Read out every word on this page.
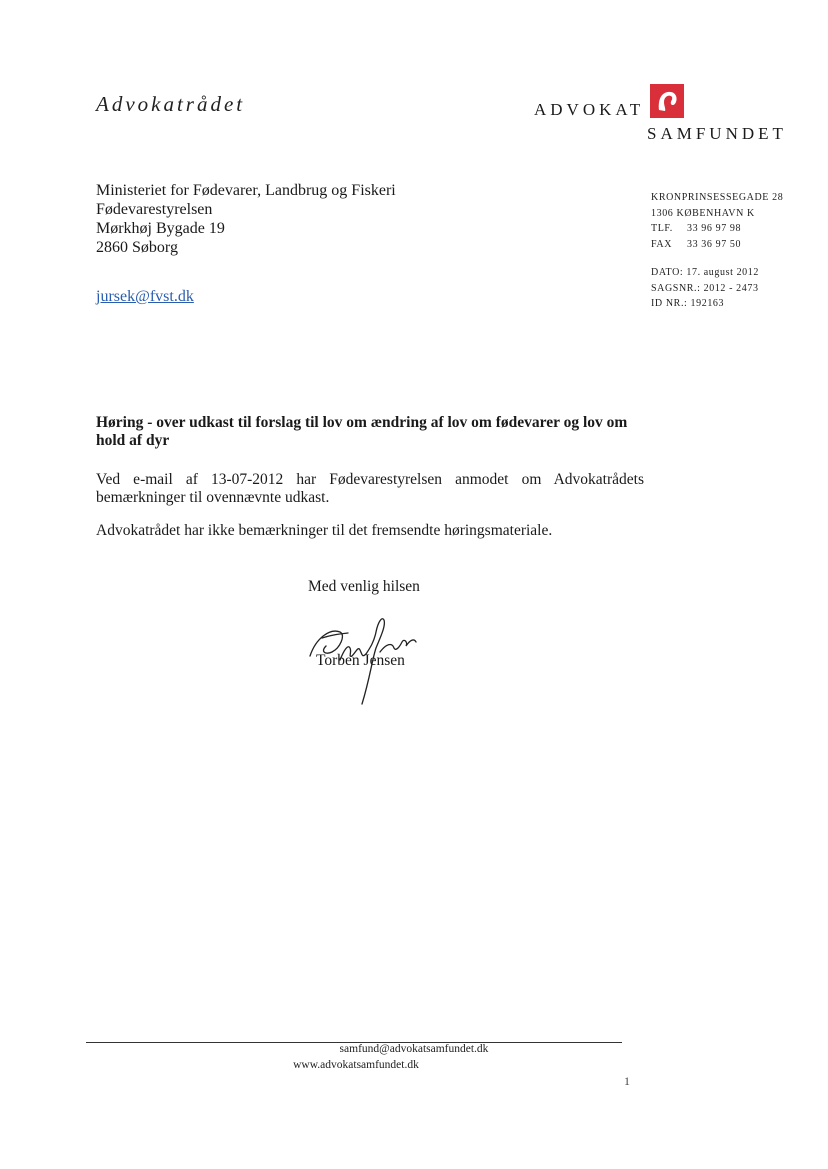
Advokatrådet	ADVOKAT
SAMFUNDET
Ministeriet for Fødevarer, Landbrug og Fiskeri
Fødevarestyrelsen
Mørkhøj Bygade 19
2860 Søborg
jursek@fvst.dk
KRONPRINSESSEGADE 28
1306 KØBENHAVN K
TLF. 33 96 97 98
FAX 33 36 97 50
DATO: 17. august 2012
SAGSNR.: 2012 - 2473
ID NR.: 192163
Høring - over udkast til forslag til lov om ændring af lov om fødevarer og lov om hold af dyr
Ved e-mail af 13-07-2012 har Fødevarestyrelsen anmodet om Advokatrådets bemærkninger til ovennævnte udkast.
Advokatrådet har ikke bemærkninger til det fremsendte høringsmateriale.
Med venlig hilsen
Torben Jensen
samfund@advokatsamfundet.dk
www.advokatsamfundet.dk
1
